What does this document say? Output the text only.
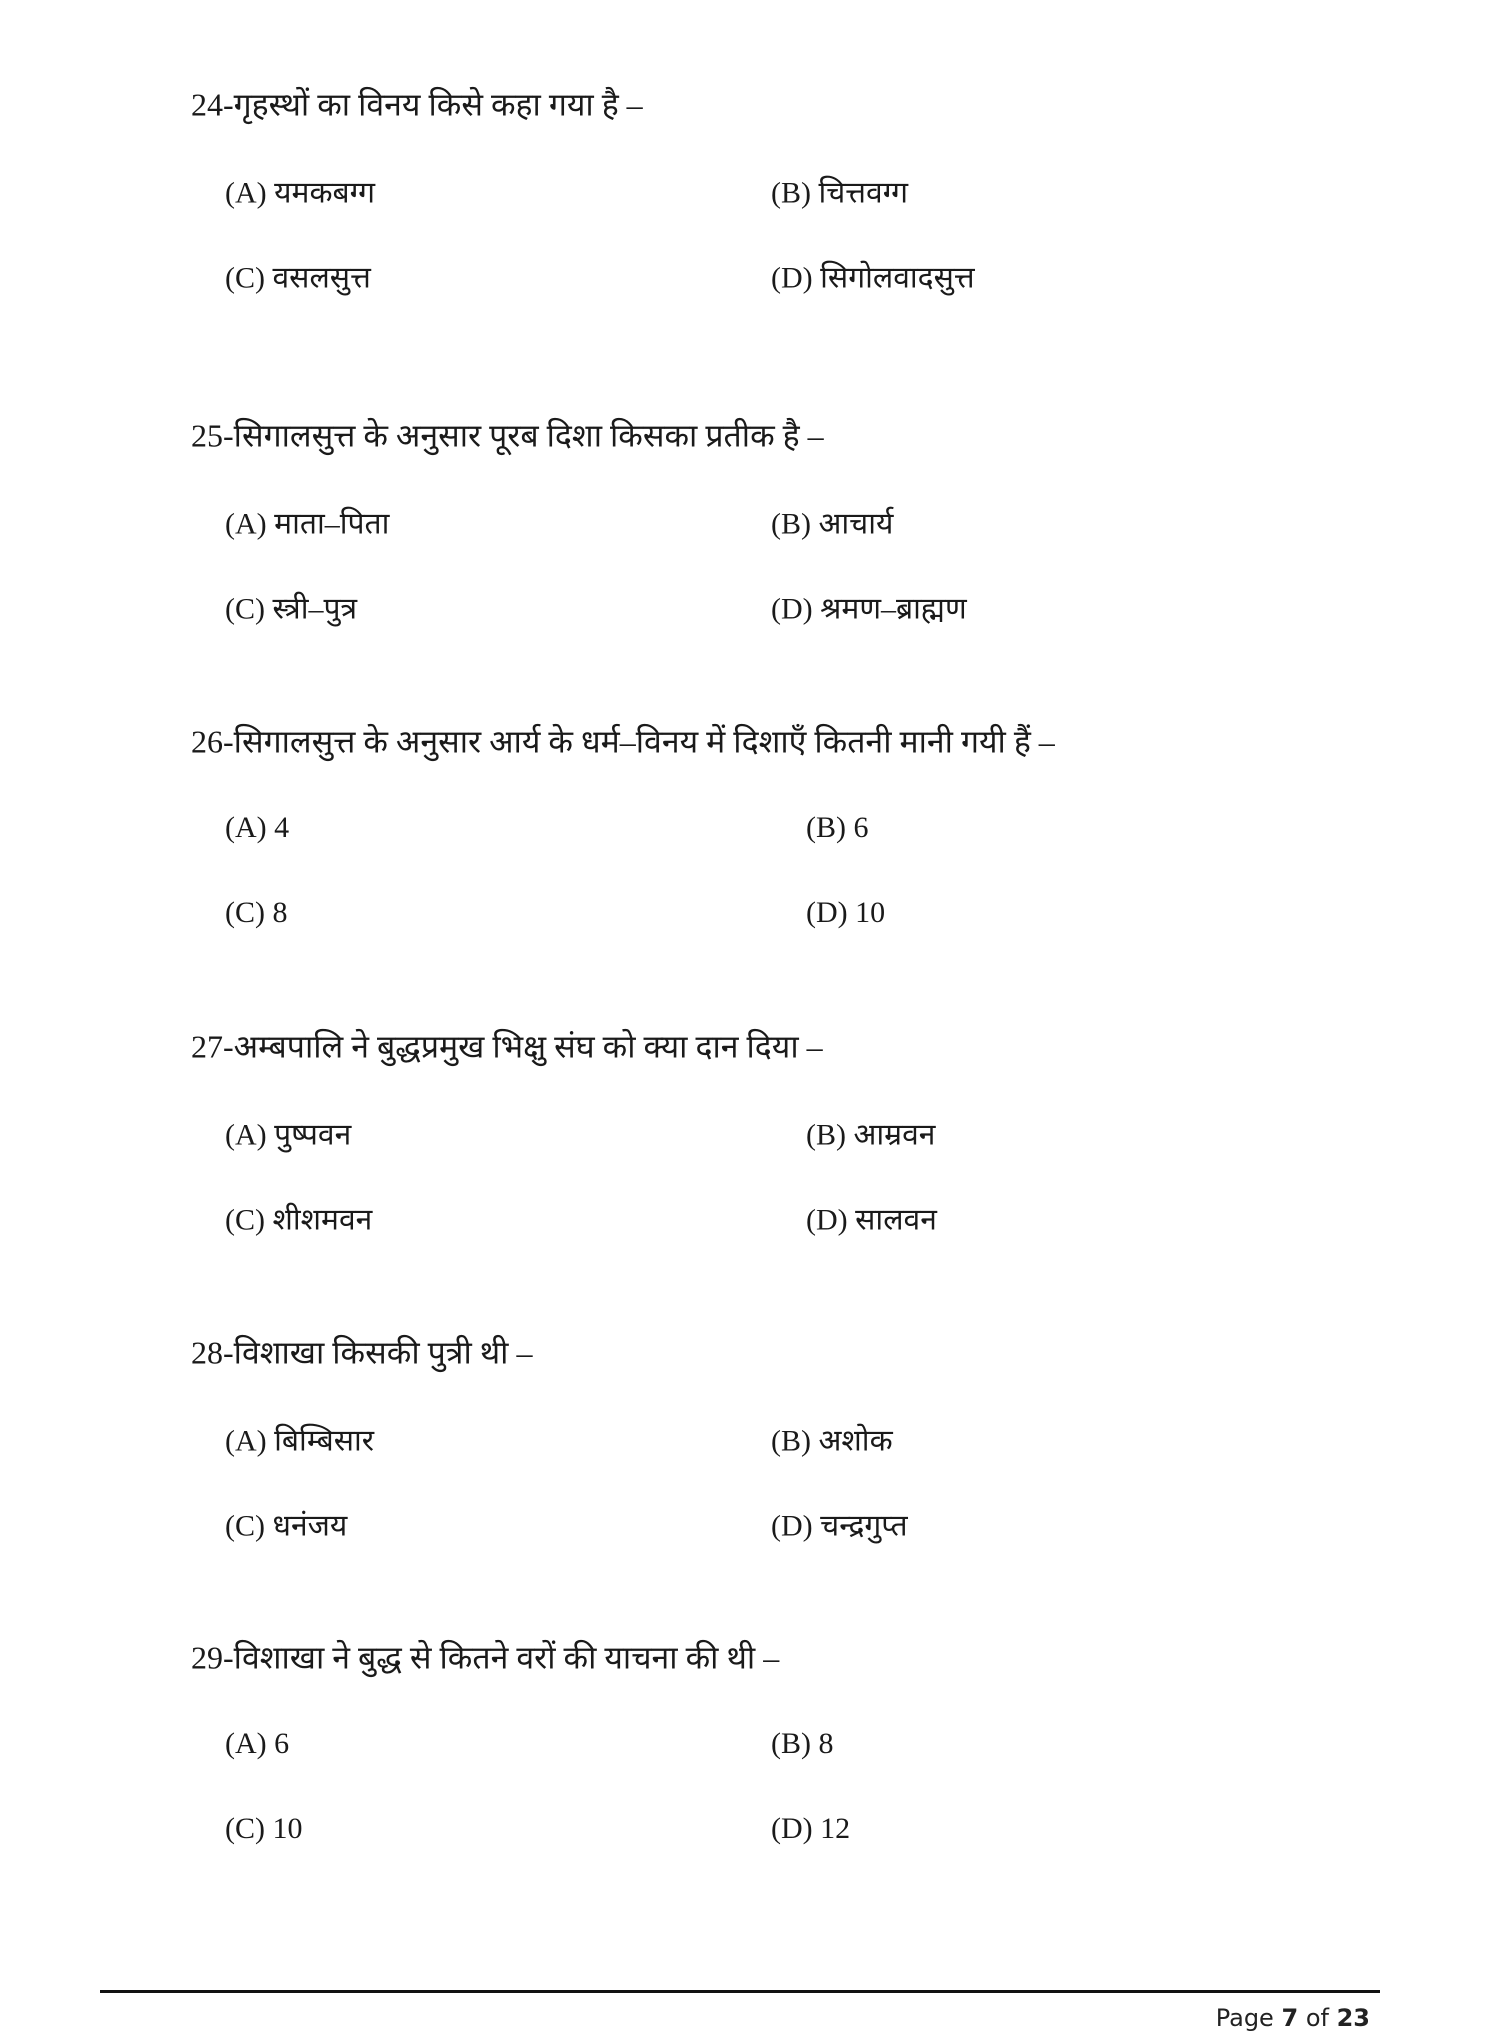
Page 7 of 23
24-गृहस्थों का विनय किसे कहा गया है –
(A) यमकबग्ग	(B) चित्तवग्ग
(C) वसलसुत्त	(D) सिगोलवादसुत्त
25-सिगालसुत्त के अनुसार पूरब दिशा किसका प्रतीक है –
(A) माता–पिता	(B) आचार्य
(C) स्त्री–पुत्र	(D) श्रमण–ब्राह्मण
26-सिगालसुत्त के अनुसार आर्य के धर्म–विनय में दिशाएँ कितनी मानी गयी हैं –
(A) 4	(B) 6
(C) 8	(D) 10
27-अम्बपालि ने बुद्धप्रमुख भिक्षु संघ को क्या दान दिया –
(A) पुष्पवन	(B) आम्रवन
(C) शीशमवन	(D) सालवन
28-विशाखा किसकी पुत्री थी –
(A) बिम्बिसार	(B) अशोक
(C) धनंजय	(D) चन्द्रगुप्त
29-विशाखा ने बुद्ध से कितने वरों की याचना की थी –
(A) 6	(B) 8
(C) 10	(D) 12
